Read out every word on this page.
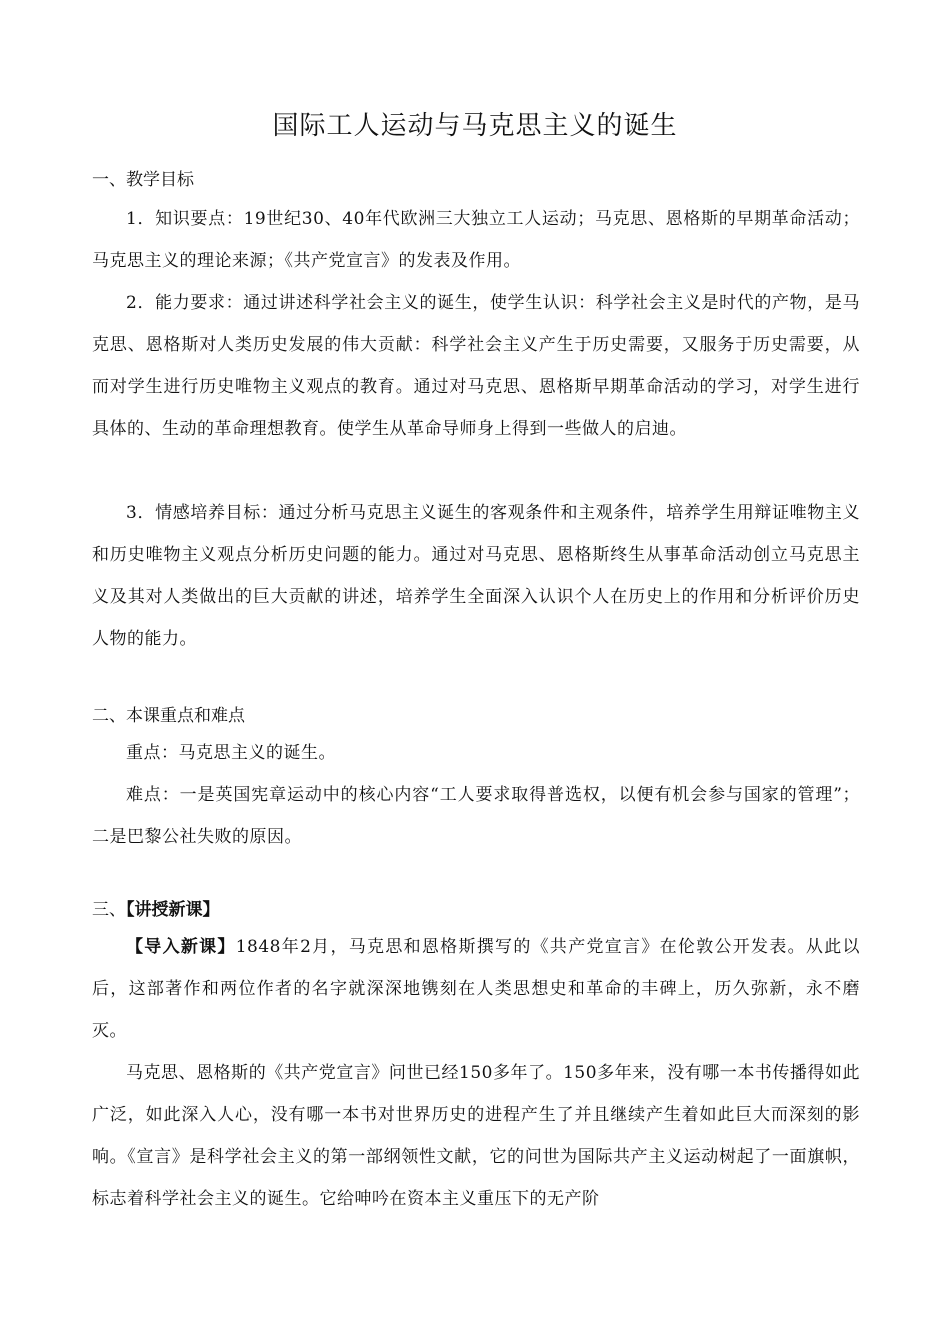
国际工人运动与马克思主义的诞生
一、教学目标

1．知识要点：19世纪30、40年代欧洲三大独立工人运动；马克思、恩格斯的早期革命活动；马克思主义的理论来源；《共产党宣言》的发表及作用。

2．能力要求：通过讲述科学社会主义的诞生，使学生认识：科学社会主义是时代的产物，是马克思、恩格斯对人类历史发展的伟大贡献：科学社会主义产生于历史需要，又服务于历史需要，从而对学生进行历史唯物主义观点的教育。通过对马克思、恩格斯早期革命活动的学习，对学生进行具体的、生动的革命理想教育。使学生从革命导师身上得到一些做人的启迪。

3．情感培养目标：通过分析马克思主义诞生的客观条件和主观条件，培养学生用辩证唯物主义和历史唯物主义观点分析历史问题的能力。通过对马克思、恩格斯终生从事革命活动创立马克思主义及其对人类做出的巨大贡献的讲述，培养学生全面深入认识个人在历史上的作用和分析评价历史人物的能力。

二、本课重点和难点

重点：马克思主义的诞生。

难点：一是英国宪章运动中的核心内容“工人要求取得普选权，以便有机会参与国家的管理”；二是巴黎公社失败的原因。

三、【讲授新课】

【导入新课】1848年2月，马克思和恩格斯撰写的《共产党宣言》在伦敦公开发表。从此以后，这部著作和两位作者的名字就深深地镌刻在人类思想史和革命的丰碑上，历久弥新，永不磨灭。

马克思、恩格斯的《共产党宣言》问世已经150多年了。150多年来，没有哪一本书传播得如此广泛，如此深入人心，没有哪一本书对世界历史的进程产生了并且继续产生着如此巨大而深刻的影响。《宣言》是科学社会主义的第一部纲领性文献，它的问世为国际共产主义运动树起了一面旗帜，标志着科学社会主义的诞生。它给呻吟在资本主义重压下的无产阶
